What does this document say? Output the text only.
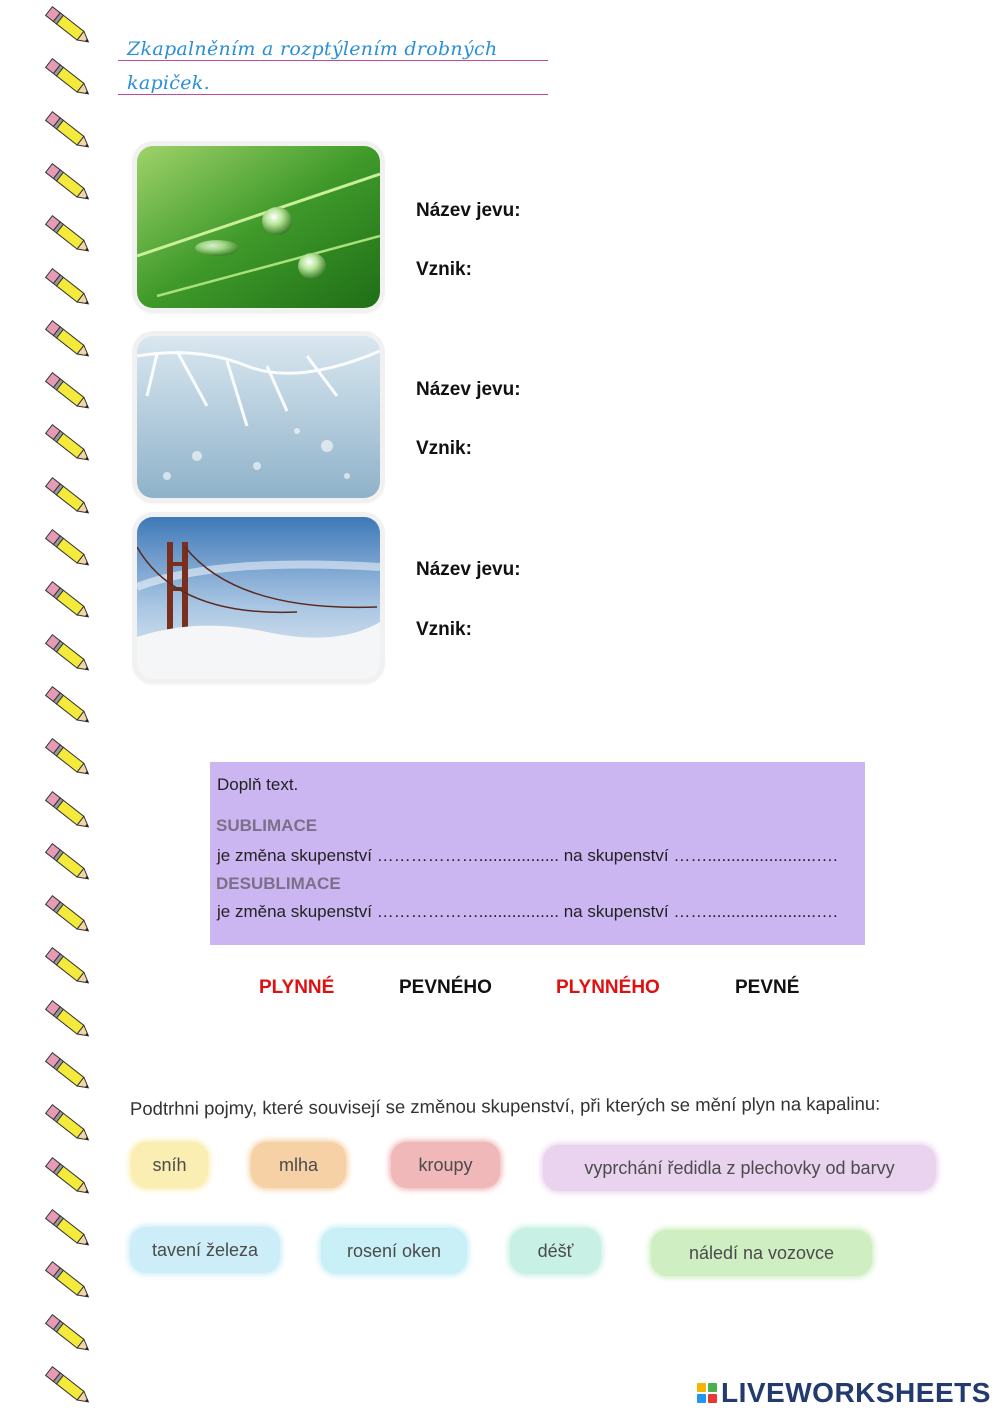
Zkapalněním a rozptýlením drobných
kapiček.
Název jevu:
Vznik:
Název jevu:
Vznik:
Název jevu:
Vznik:
Doplň text.
SUBLIMACE
je změna skupenství ………………................. na skupenství …….......................….
DESUBLIMACE
je změna skupenství ………………................. na skupenství …….......................….
PLYNNÉ	PEVNÉHO	PLYNNÉHO	PEVNÉ
Podtrhni pojmy, které souvisejí se změnou skupenství, při kterých se mění plyn na kapalinu:
sníh	mlha	kroupy	vyprchání ředidla z plechovky od barvy
tavení železa	rosení oken	déšť	náledí na vozovce
LIVEWORKSHEETS
